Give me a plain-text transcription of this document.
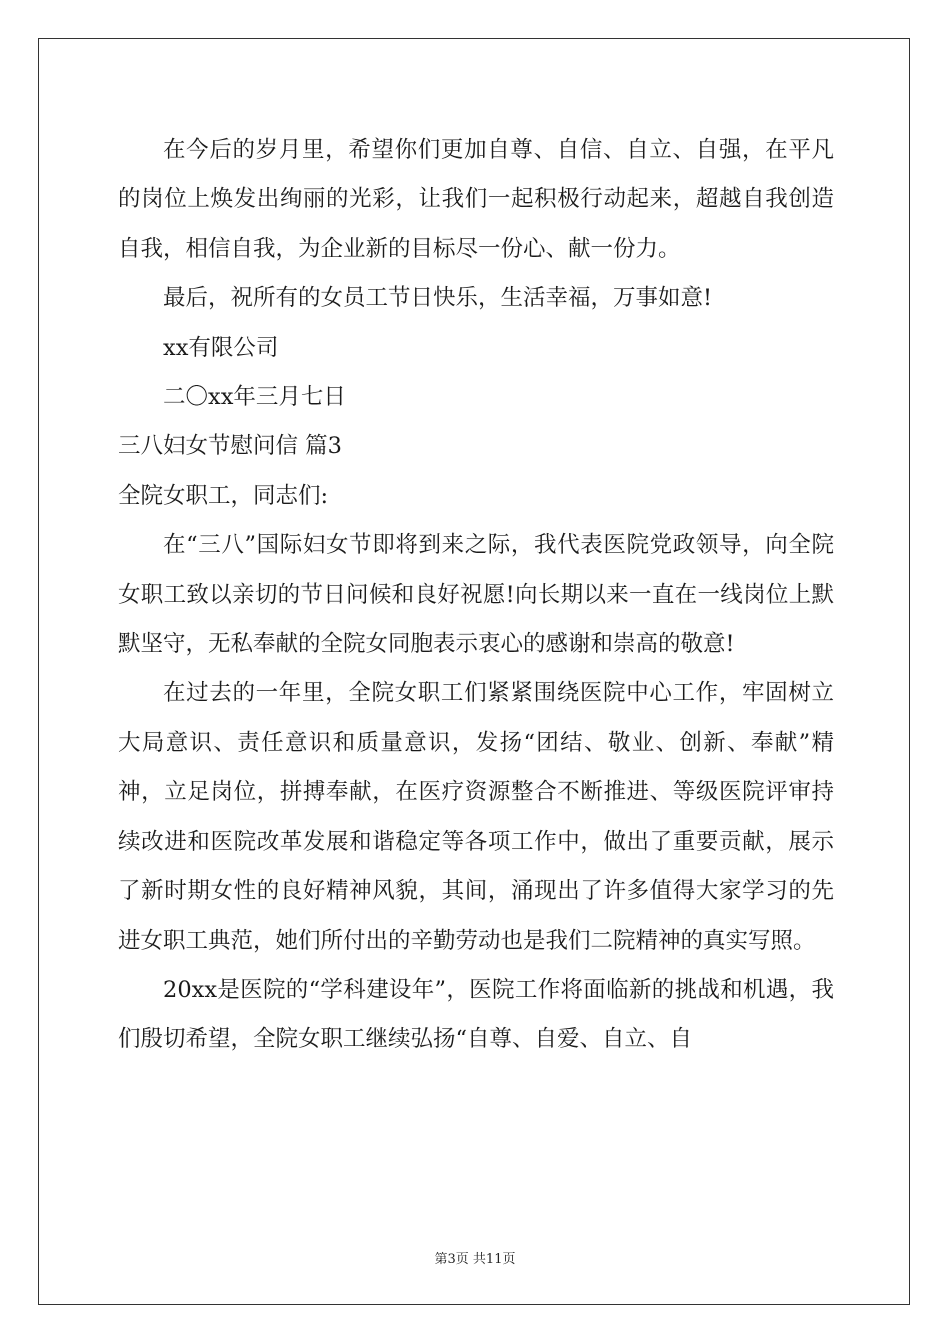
在今后的岁月里，希望你们更加自尊、自信、自立、自强，在平凡的岗位上焕发出绚丽的光彩，让我们一起积极行动起来，超越自我创造自我，相信自我，为企业新的目标尽一份心、献一份力。

最后，祝所有的女员工节日快乐，生活幸福，万事如意!

xx有限公司

二〇xx年三月七日

三八妇女节慰问信 篇3

全院女职工，同志们:

在“三八”国际妇女节即将到来之际，我代表医院党政领导，向全院女职工致以亲切的节日问候和良好祝愿!向长期以来一直在一线岗位上默默坚守，无私奉献的全院女同胞表示衷心的感谢和崇高的敬意!

在过去的一年里，全院女职工们紧紧围绕医院中心工作，牢固树立大局意识、责任意识和质量意识，发扬“团结、敬业、创新、奉献”精神，立足岗位，拼搏奉献，在医疗资源整合不断推进、等级医院评审持续改进和医院改革发展和谐稳定等各项工作中，做出了重要贡献，展示了新时期女性的良好精神风貌，其间，涌现出了许多值得大家学习的先进女职工典范，她们所付出的辛勤劳动也是我们二院精神的真实写照。

20xx是医院的“学科建设年”，医院工作将面临新的挑战和机遇，我们殷切希望，全院女职工继续弘扬“自尊、自爱、自立、自

第3页 共11页
